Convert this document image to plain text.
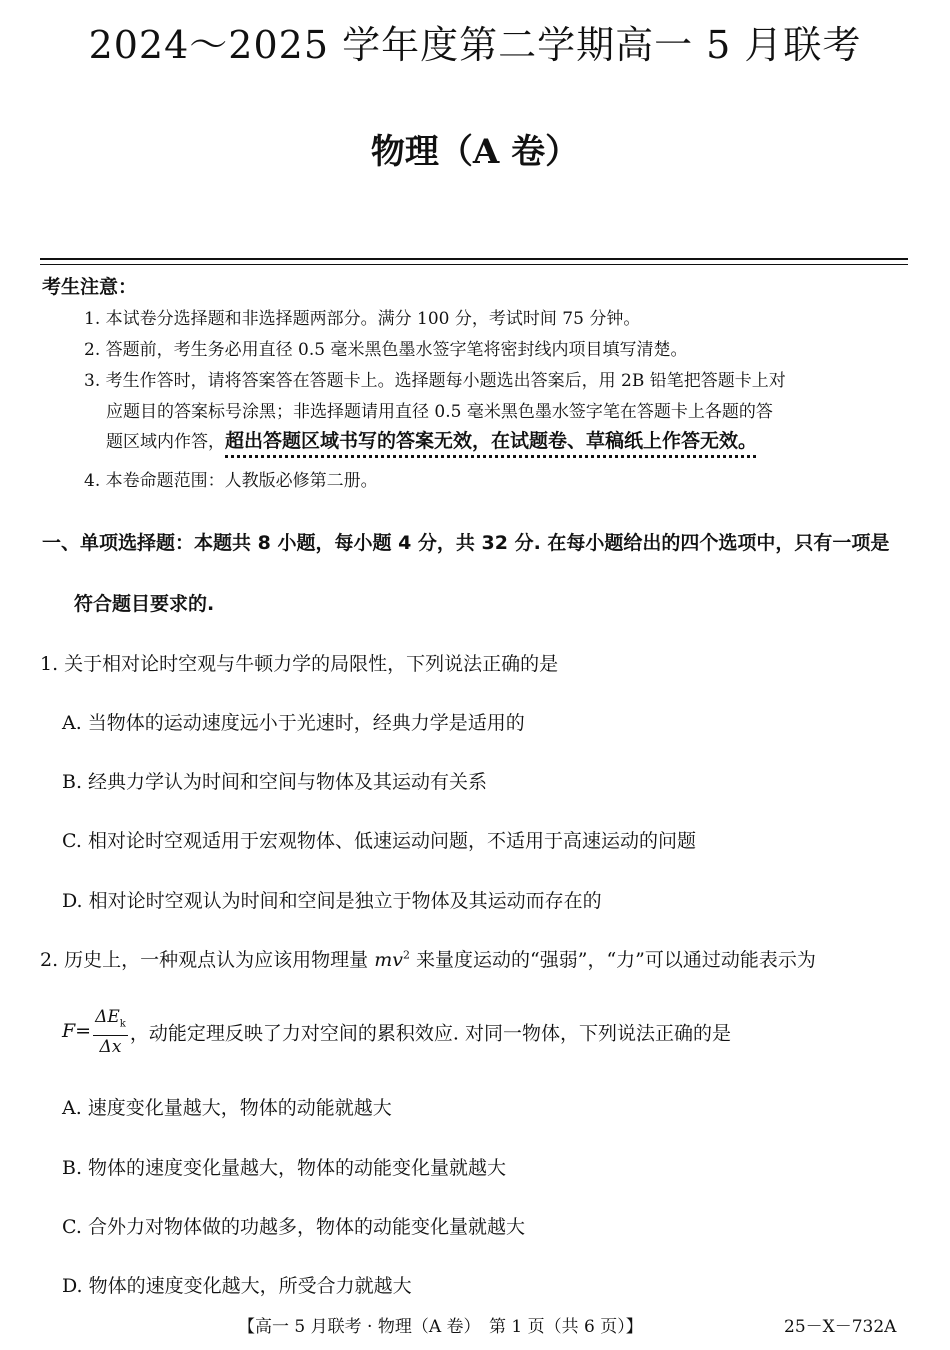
2024～2025 学年度第二学期高一 5 月联考
物理（A 卷）
考生注意：
1. 本试卷分选择题和非选择题两部分。满分 100 分，考试时间 75 分钟。
2. 答题前，考生务必用直径 0.5 毫米黑色墨水签字笔将密封线内项目填写清楚。
3. 考生作答时，请将答案答在答题卡上。选择题每小题选出答案后，用 2B 铅笔把答题卡上对
应题目的答案标号涂黑；非选择题请用直径 0.5 毫米黑色墨水签字笔在答题卡上各题的答
题区域内作答，超出答题区域书写的答案无效，在试题卷、草稿纸上作答无效。
4. 本卷命题范围：人教版必修第二册。
一、单项选择题：本题共 8 小题，每小题 4 分，共 32 分. 在每小题给出的四个选项中，只有一项是
符合题目要求的.
1. 关于相对论时空观与牛顿力学的局限性，下列说法正确的是
A. 当物体的运动速度远小于光速时，经典力学是适用的
B. 经典力学认为时间和空间与物体及其运动有关系
C. 相对论时空观适用于宏观物体、低速运动问题，不适用于高速运动的问题
D. 相对论时空观认为时间和空间是独立于物体及其运动而存在的
2. 历史上，一种观点认为应该用物理量 $mv^2$ 来量度运动的“强弱”，“力”可以通过动能表示为
$F= \frac{\Delta E_k}{\Delta x}$ ，动能定理反映了力对空间的累积效应. 对同一物体，下列说法正确的是
A. 速度变化量越大，物体的动能就越大
B. 物体的速度变化量越大，物体的动能变化量就越大
C. 合外力对物体做的功越多，物体的动能变化量就越大
D. 物体的速度变化越大，所受合力就越大
【高一 5 月联考 · 物理（A 卷）　第 1 页（共 6 页）】	25－X－732A
